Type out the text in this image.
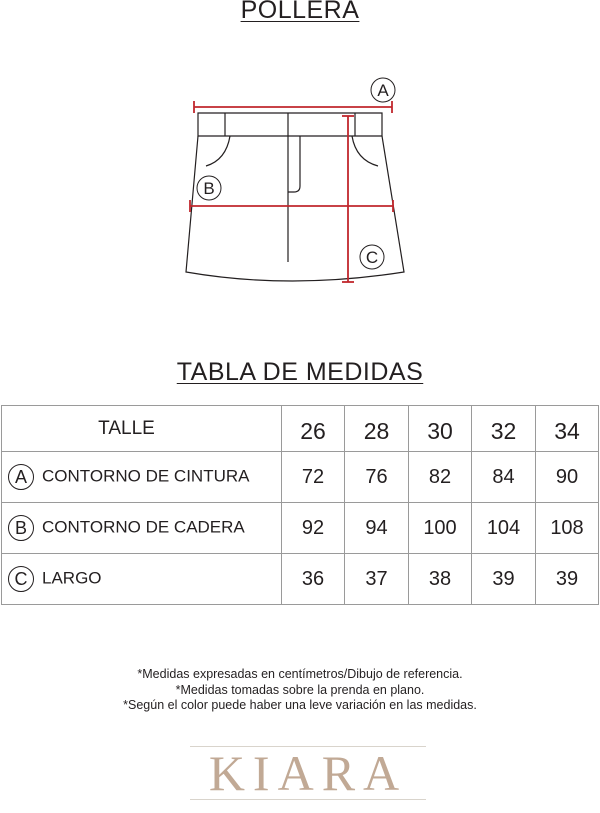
POLLERA
A
B
C
TABLA DE MEDIDAS
TALLE	26	28	30	32	34
A CONTORNO DE CINTURA	72	76	82	84	90
B CONTORNO DE CADERA	92	94	100	104	108
C LARGO	36	37	38	39	39
*Medidas expresadas en centímetros/Dibujo de referencia.
*Medidas tomadas sobre la prenda en plano.
*Según el color puede haber una leve variación en las medidas.
KIARA
